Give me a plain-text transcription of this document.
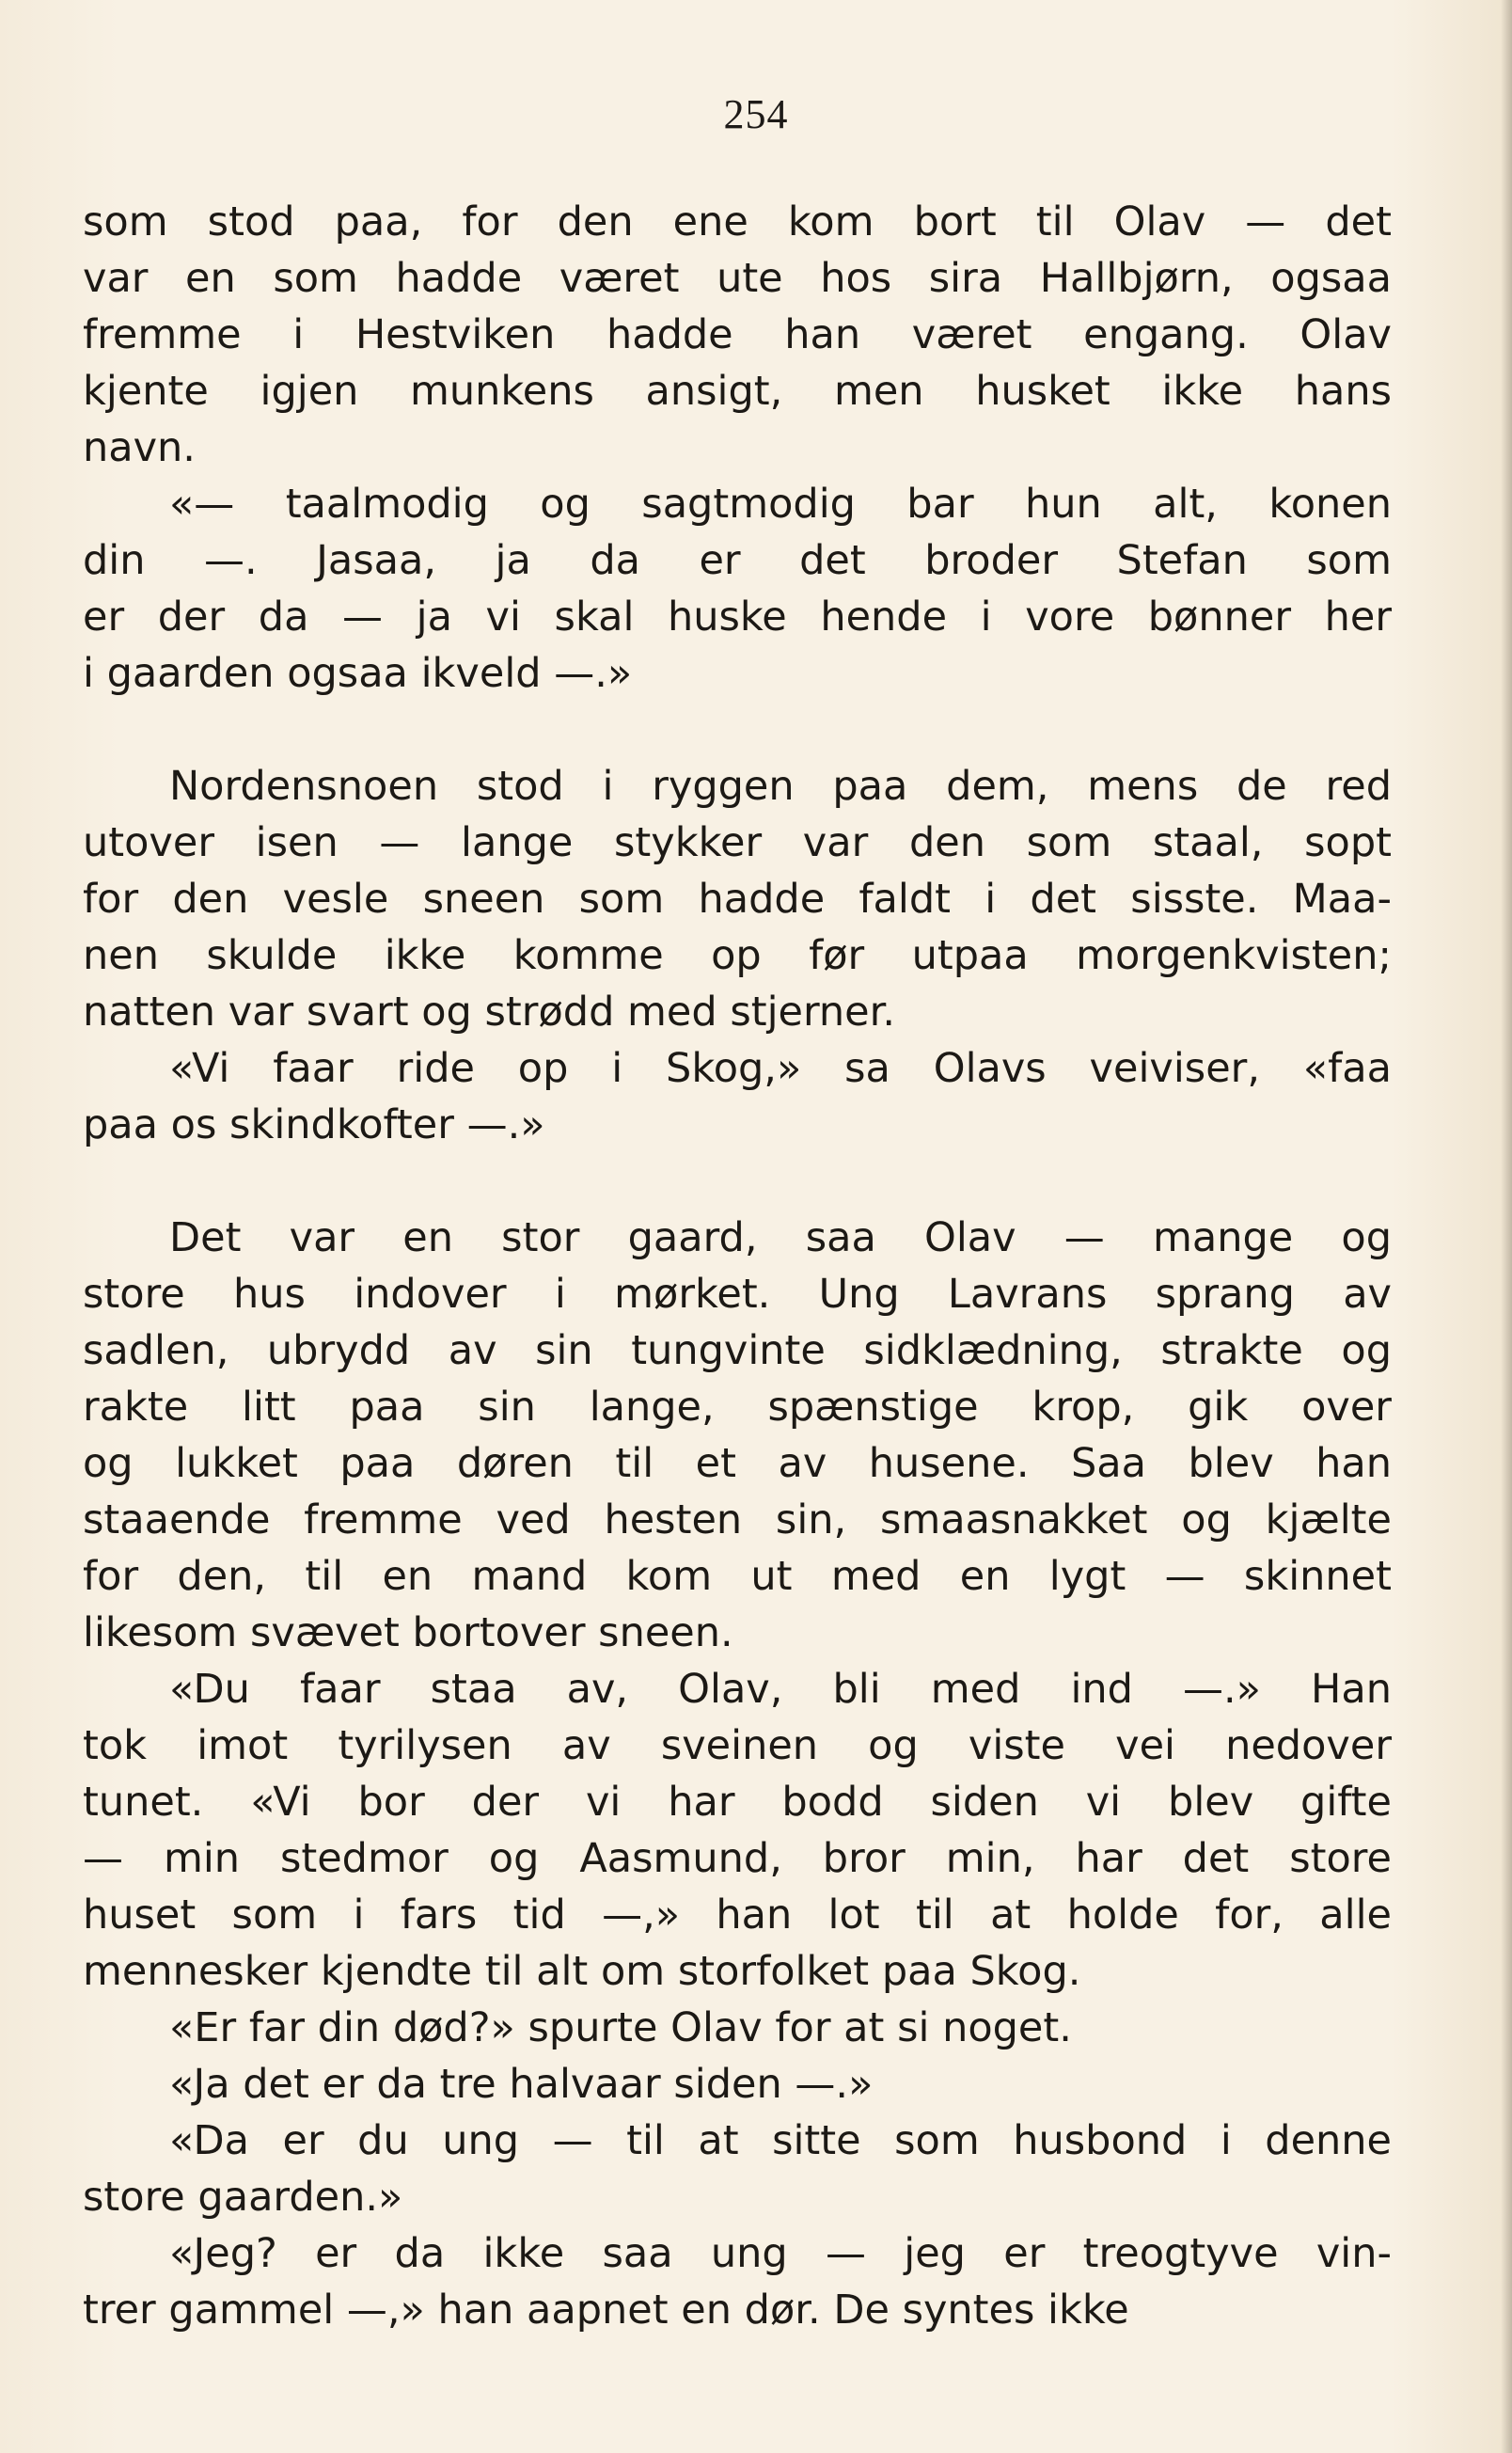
254
som stod paa, for den ene kom bort til Olav — det
var en som hadde været ute hos sira Hallbjørn, ogsaa
fremme i Hestviken hadde han været engang. Olav
kjente igjen munkens ansigt, men husket ikke hans
navn.
«— taalmodig og sagtmodig bar hun alt, konen
din —. Jasaa, ja da er det broder Stefan som
er der da — ja vi skal huske hende i vore bønner her
i gaarden ogsaa ikveld —.»
Nordensnoen stod i ryggen paa dem, mens de red
utover isen — lange stykker var den som staal, sopt
for den vesle sneen som hadde faldt i det sisste. Maa-
nen skulde ikke komme op før utpaa morgenkvisten;
natten var svart og strødd med stjerner.
«Vi faar ride op i Skog,» sa Olavs veiviser, «faa
paa os skindkofter —.»
Det var en stor gaard, saa Olav — mange og
store hus indover i mørket. Ung Lavrans sprang av
sadlen, ubrydd av sin tungvinte sidklædning, strakte og
rakte litt paa sin lange, spænstige krop, gik over
og lukket paa døren til et av husene. Saa blev han
staaende fremme ved hesten sin, smaasnakket og kjælte
for den, til en mand kom ut med en lygt — skinnet
likesom svævet bortover sneen.
«Du faar staa av, Olav, bli med ind —.» Han
tok imot tyrilysen av sveinen og viste vei nedover
tunet. «Vi bor der vi har bodd siden vi blev gifte
— min stedmor og Aasmund, bror min, har det store
huset som i fars tid —,» han lot til at holde for, alle
mennesker kjendte til alt om storfolket paa Skog.
«Er far din død?» spurte Olav for at si noget.
«Ja det er da tre halvaar siden —.»
«Da er du ung — til at sitte som husbond i denne
store gaarden.»
«Jeg? er da ikke saa ung — jeg er treogtyve vin-
trer gammel —,» han aapnet en dør. De syntes ikke
